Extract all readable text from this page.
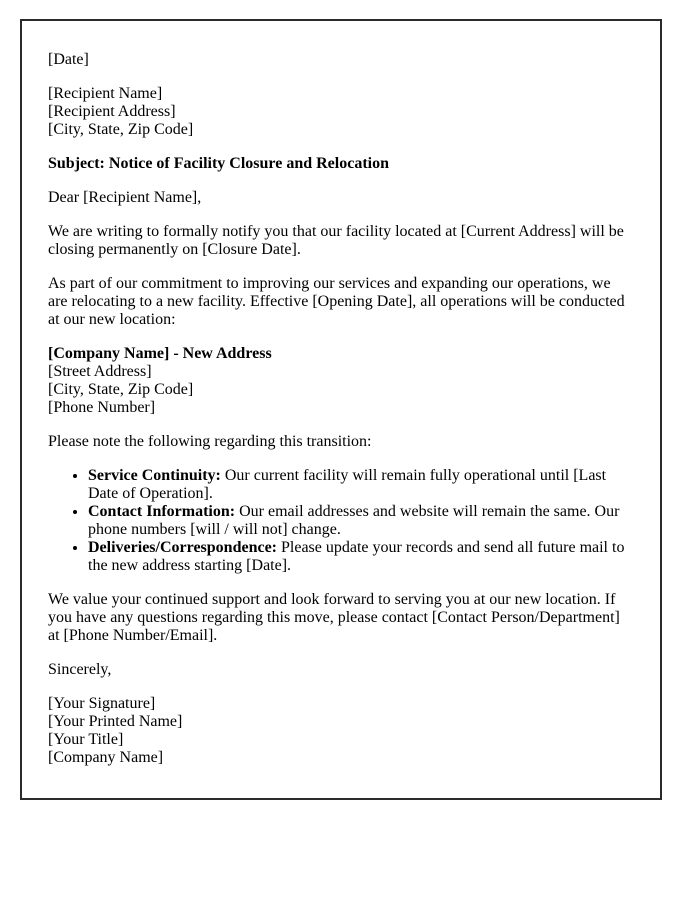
[Date]

[Recipient Name]
[Recipient Address]
[City, State, Zip Code]

Subject: Notice of Facility Closure and Relocation

Dear [Recipient Name],

We are writing to formally notify you that our facility located at [Current Address] will be closing permanently on [Closure Date].

As part of our commitment to improving our services and expanding our operations, we are relocating to a new facility. Effective [Opening Date], all operations will be conducted at our new location:

[Company Name] - New Address
[Street Address]
[City, State, Zip Code]
[Phone Number]

Please note the following regarding this transition:

• Service Continuity: Our current facility will remain fully operational until [Last Date of Operation].
• Contact Information: Our email addresses and website will remain the same. Our phone numbers [will / will not] change.
• Deliveries/Correspondence: Please update your records and send all future mail to the new address starting [Date].

We value your continued support and look forward to serving you at our new location. If you have any questions regarding this move, please contact [Contact Person/Department] at [Phone Number/Email].

Sincerely,

[Your Signature]
[Your Printed Name]
[Your Title]
[Company Name]
